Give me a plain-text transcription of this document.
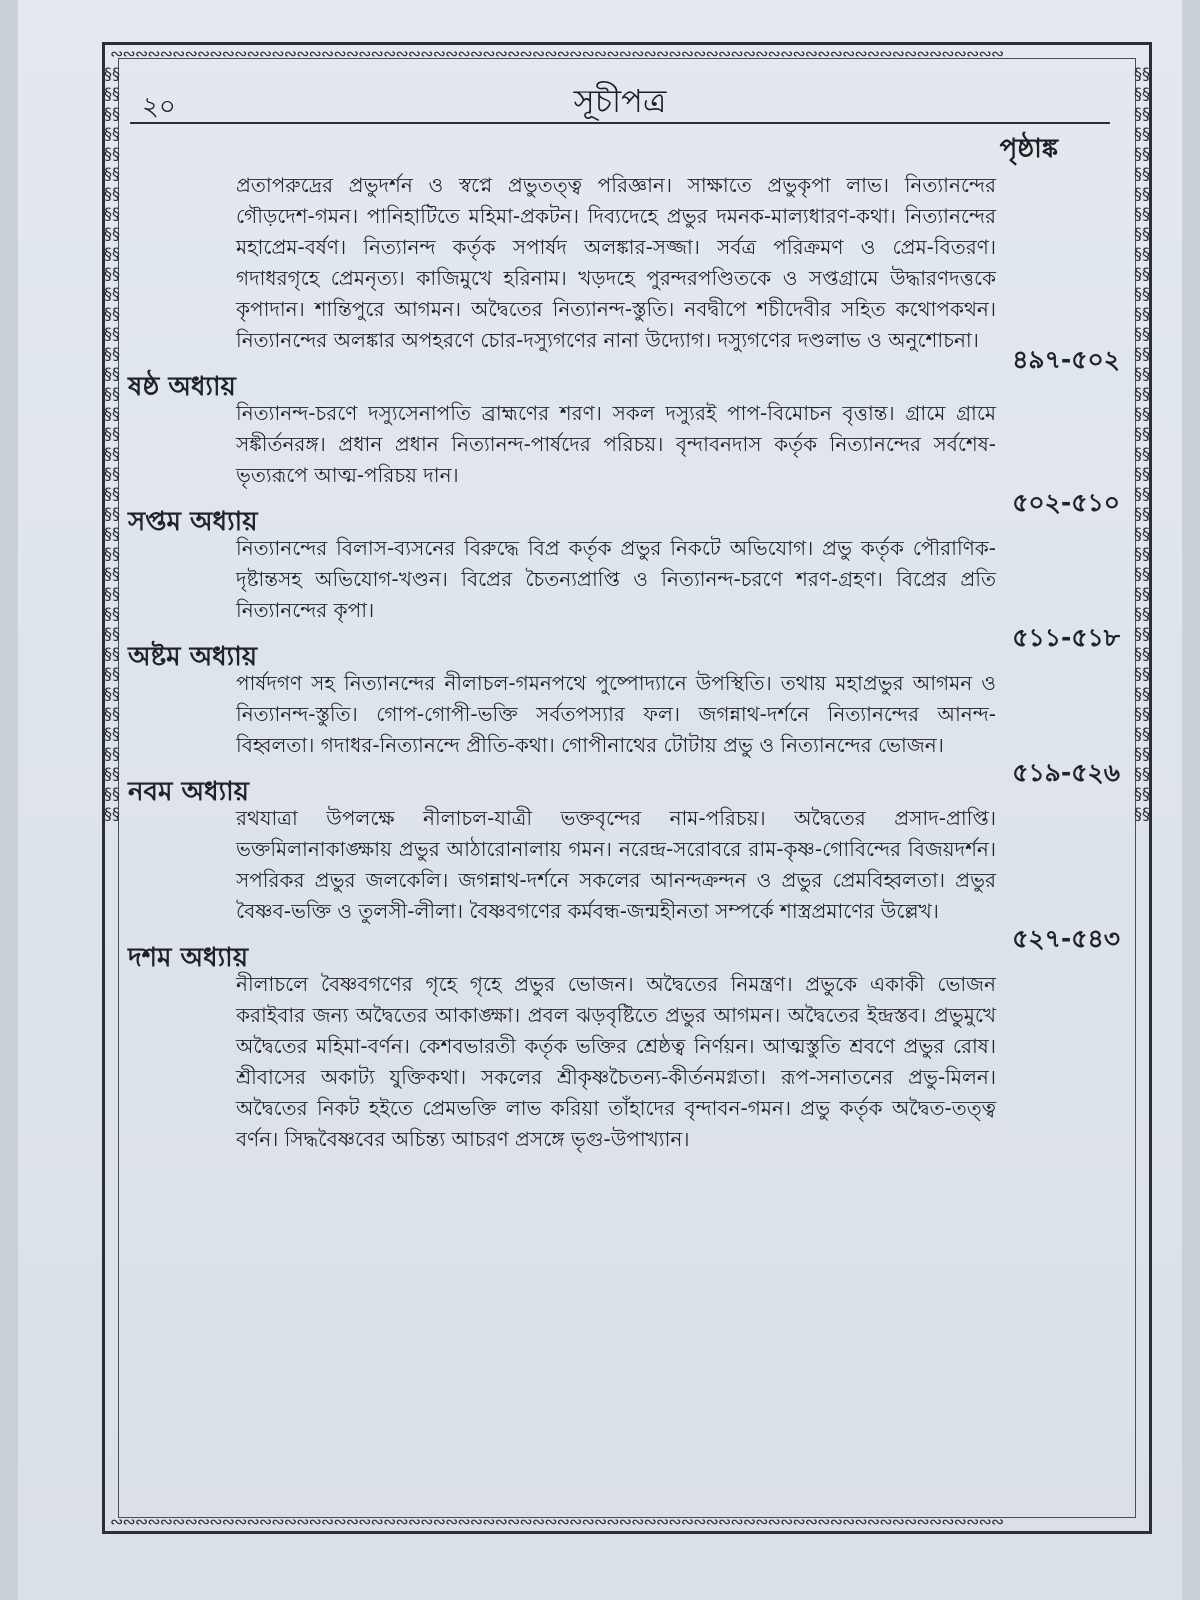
∾∾∾∾∾∾∾∾∾∾∾∾∾∾∾∾∾∾∾∾∾∾∾∾∾∾∾∾∾∾∾∾∾∾∾∾∾∾∾∾∾∾∾∾∾∾∾∾∾∾∾∾∾∾∾∾∾∾∾∾∾∾∾∾∾∾∾∾∾∾∾∾
∾∾∾∾∾∾∾∾∾∾∾∾∾∾∾∾∾∾∾∾∾∾∾∾∾∾∾∾∾∾∾∾∾∾∾∾∾∾∾∾∾∾∾∾∾∾∾∾∾∾∾∾∾∾∾∾∾∾∾∾∾∾∾∾∾∾∾∾∾∾∾∾
§§§§§§§§§§§§§§§§§§§§§§§§§§§§§§§§§§§§§§§§§§§§§§§§§§§§§§§§§§§§§§§§§§§§§§§§§§§§
§§§§§§§§§§§§§§§§§§§§§§§§§§§§§§§§§§§§§§§§§§§§§§§§§§§§§§§§§§§§§§§§§§§§§§§§§§§§
২০	সূচীপত্র
পৃষ্ঠাঙ্ক

প্রতাপরুদ্রের প্রভুদর্শন ও স্বপ্নে প্রভুতত্ত্ব পরিজ্ঞান। সাক্ষাতে প্রভুকৃপা লাভ। নিত্যানন্দের গৌড়দেশ-গমন। পানিহাটিতে মহিমা-প্রকটন। দিব্যদেহে প্রভুর দমনক-মাল্যধারণ-কথা। নিত্যানন্দের মহাপ্রেম-বর্ষণ। নিত্যানন্দ কর্তৃক সপার্ষদ অলঙ্কার-সজ্জা। সর্বত্র পরিক্রমণ ও প্রেম-বিতরণ। গদাধরগৃহে প্রেমনৃত্য। কাজিমুখে হরিনাম। খড়দহে পুরন্দরপণ্ডিতকে ও সপ্তগ্রামে উদ্ধারণদত্তকে কৃপাদান। শান্তিপুরে আগমন। অদ্বৈতের নিত্যানন্দ-স্তুতি। নবদ্বীপে শচীদেবীর সহিত কথোপকথন। নিত্যানন্দের অলঙ্কার অপহরণে চোর-দস্যুগণের নানা উদ্যোগ। দস্যুগণের দণ্ডলাভ ও অনুশোচনা।

৪৯৭-৫০২
ষষ্ঠ অধ্যায়

নিত্যানন্দ-চরণে দস্যুসেনাপতি ব্রাহ্মণের শরণ। সকল দস্যুরই পাপ-বিমোচন বৃত্তান্ত। গ্রামে গ্রামে সঙ্কীর্তনরঙ্গ। প্রধান প্রধান নিত্যানন্দ-পার্ষদের পরিচয়। বৃন্দাবনদাস কর্তৃক নিত্যানন্দের সর্বশেষ-ভৃত্যরূপে আত্ম-পরিচয় দান।

৫০২-৫১০
সপ্তম অধ্যায়

নিত্যানন্দের বিলাস-ব্যসনের বিরুদ্ধে বিপ্র কর্তৃক প্রভুর নিকটে অভিযোগ। প্রভু কর্তৃক পৌরাণিক-দৃষ্টান্তসহ অভিযোগ-খণ্ডন। বিপ্রের চৈতন্যপ্রাপ্তি ও নিত্যানন্দ-চরণে শরণ-গ্রহণ। বিপ্রের প্রতি নিত্যানন্দের কৃপা।

৫১১-৫১৮
অষ্টম অধ্যায়

পার্ষদগণ সহ নিত্যানন্দের নীলাচল-গমনপথে পুষ্পোদ্যানে উপস্থিতি। তথায় মহাপ্রভুর আগমন ও নিত্যানন্দ-স্তুতি। গোপ-গোপী-ভক্তি সর্বতপস্যার ফল। জগন্নাথ-দর্শনে নিত্যানন্দের আনন্দ-বিহ্বলতা। গদাধর-নিত্যানন্দে প্রীতি-কথা। গোপীনাথের টোটায় প্রভু ও নিত্যানন্দের ভোজন।

৫১৯-৫২৬
নবম অধ্যায়

রথযাত্রা উপলক্ষে নীলাচল-যাত্রী ভক্তবৃন্দের নাম-পরিচয়। অদ্বৈতের প্রসাদ-প্রাপ্তি। ভক্তমিলানাকাঙ্ক্ষায় প্রভুর আঠারোনালায় গমন। নরেন্দ্র-সরোবরে রাম-কৃষ্ণ-গোবিন্দের বিজয়দর্শন। সপরিকর প্রভুর জলকেলি। জগন্নাথ-দর্শনে সকলের আনন্দক্রন্দন ও প্রভুর প্রেমবিহ্বলতা। প্রভুর বৈষ্ণব-ভক্তি ও তুলসী-লীলা। বৈষ্ণবগণের কর্মবন্ধ-জন্মহীনতা সম্পর্কে শাস্ত্রপ্রমাণের উল্লেখ।

৫২৭-৫৪৩
দশম অধ্যায়

নীলাচলে বৈষ্ণবগণের গৃহে গৃহে প্রভুর ভোজন। অদ্বৈতের নিমন্ত্রণ। প্রভুকে একাকী ভোজন করাইবার জন্য অদ্বৈতের আকাঙ্ক্ষা। প্রবল ঝড়বৃষ্টিতে প্রভুর আগমন। অদ্বৈতের ইন্দ্রস্তব। প্রভুমুখে অদ্বৈতের মহিমা-বর্ণন। কেশবভারতী কর্তৃক ভক্তির শ্রেষ্ঠত্ব নির্ণয়ন। আত্মস্তুতি শ্রবণে প্রভুর রোষ। শ্রীবাসের অকাট্য যুক্তিকথা। সকলের শ্রীকৃষ্ণচৈতন্য-কীর্তনমগ্নতা। রূপ-সনাতনের প্রভু-মিলন। অদ্বৈতের নিকট হইতে প্রেমভক্তি লাভ করিয়া তাঁহাদের বৃন্দাবন-গমন। প্রভু কর্তৃক অদ্বৈত-তত্ত্ব বর্ণন। সিদ্ধবৈষ্ণবের অচিন্ত্য আচরণ প্রসঙ্গে ভৃগু-উপাখ্যান।
